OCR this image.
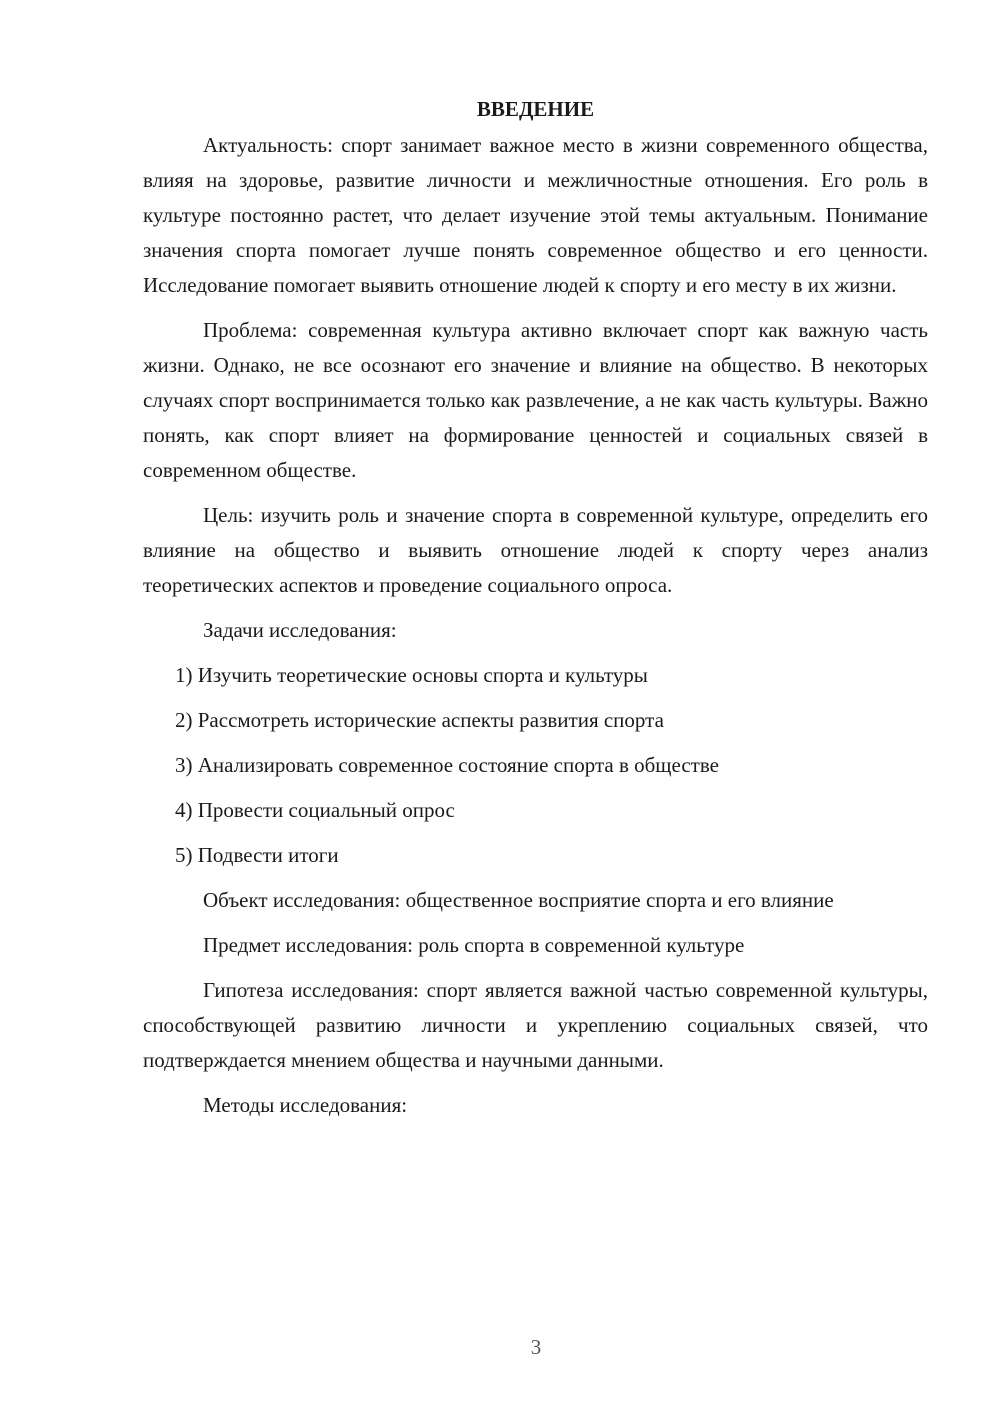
ВВЕДЕНИЕ

Актуальность: спорт занимает важное место в жизни современного общества, влияя на здоровье, развитие личности и межличностные отношения. Его роль в культуре постоянно растет, что делает изучение этой темы актуальным. Понимание значения спорта помогает лучше понять современное общество и его ценности. Исследование помогает выявить отношение людей к спорту и его месту в их жизни.

Проблема: современная культура активно включает спорт как важную часть жизни. Однако, не все осознают его значение и влияние на общество. В некоторых случаях спорт воспринимается только как развлечение, а не как часть культуры. Важно понять, как спорт влияет на формирование ценностей и социальных связей в современном обществе.

Цель: изучить роль и значение спорта в современной культуре, определить его влияние на общество и выявить отношение людей к спорту через анализ теоретических аспектов и проведение социального опроса.

Задачи исследования:

1) Изучить теоретические основы спорта и культуры
2) Рассмотреть исторические аспекты развития спорта
3) Анализировать современное состояние спорта в обществе
4) Провести социальный опрос
5) Подвести итоги

Объект исследования: общественное восприятие спорта и его влияние

Предмет исследования: роль спорта в современной культуре

Гипотеза исследования: спорт является важной частью современной культуры, способствующей развитию личности и укреплению социальных связей, что подтверждается мнением общества и научными данными.

Методы исследования:

3
